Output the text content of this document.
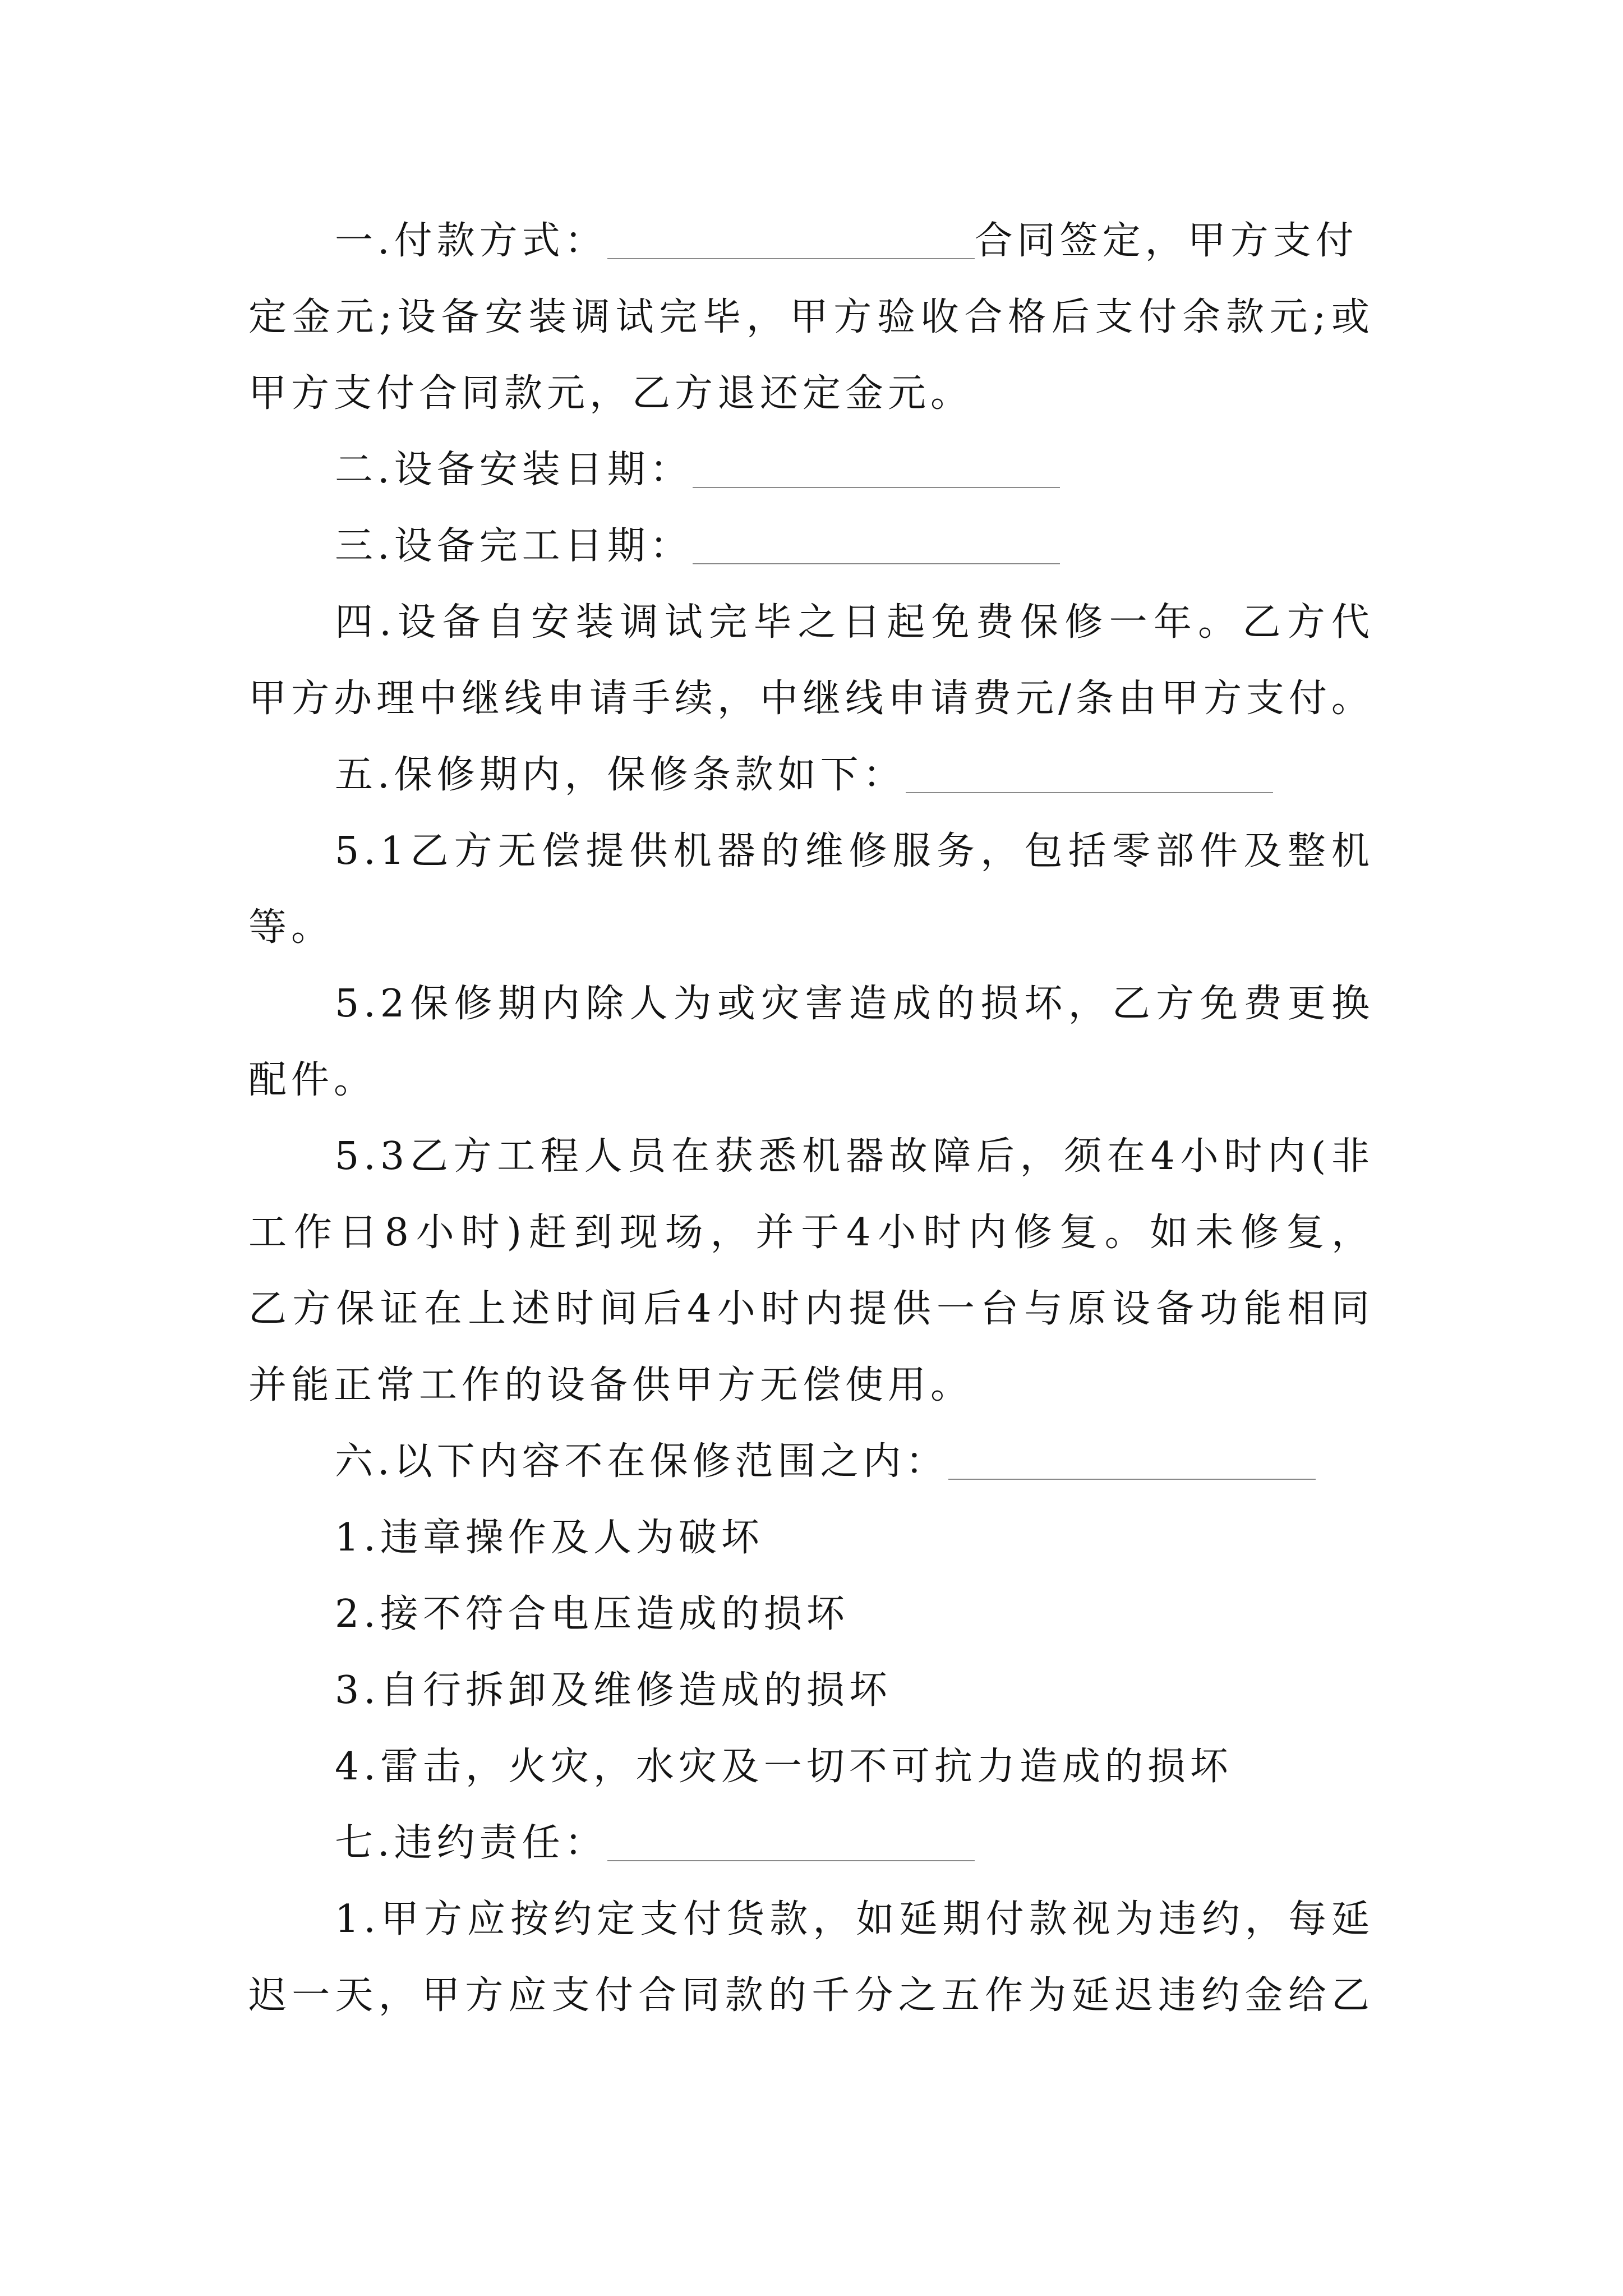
一.付款方式：	合同签定，甲方支付
定金元;设备安装调试完毕，甲方验收合格后支付余款元;或
甲方支付合同款元，乙方退还定金元。
二.设备安装日期：
三.设备完工日期：
四.设备自安装调试完毕之日起免费保修一年。乙方代
甲方办理中继线申请手续，中继线申请费元/条由甲方支付。
五.保修期内，保修条款如下：
5.1乙方无偿提供机器的维修服务，包括零部件及整机
等。
5.2保修期内除人为或灾害造成的损坏，乙方免费更换
配件。
5.3乙方工程人员在获悉机器故障后，须在4小时内(非
工作日8小时)赶到现场，并于4小时内修复。如未修复，
乙方保证在上述时间后4小时内提供一台与原设备功能相同
并能正常工作的设备供甲方无偿使用。
六.以下内容不在保修范围之内：
1.违章操作及人为破坏
2.接不符合电压造成的损坏
3.自行拆卸及维修造成的损坏
4.雷击，火灾，水灾及一切不可抗力造成的损坏
七.违约责任：
1.甲方应按约定支付货款，如延期付款视为违约，每延
迟一天，甲方应支付合同款的千分之五作为延迟违约金给乙
